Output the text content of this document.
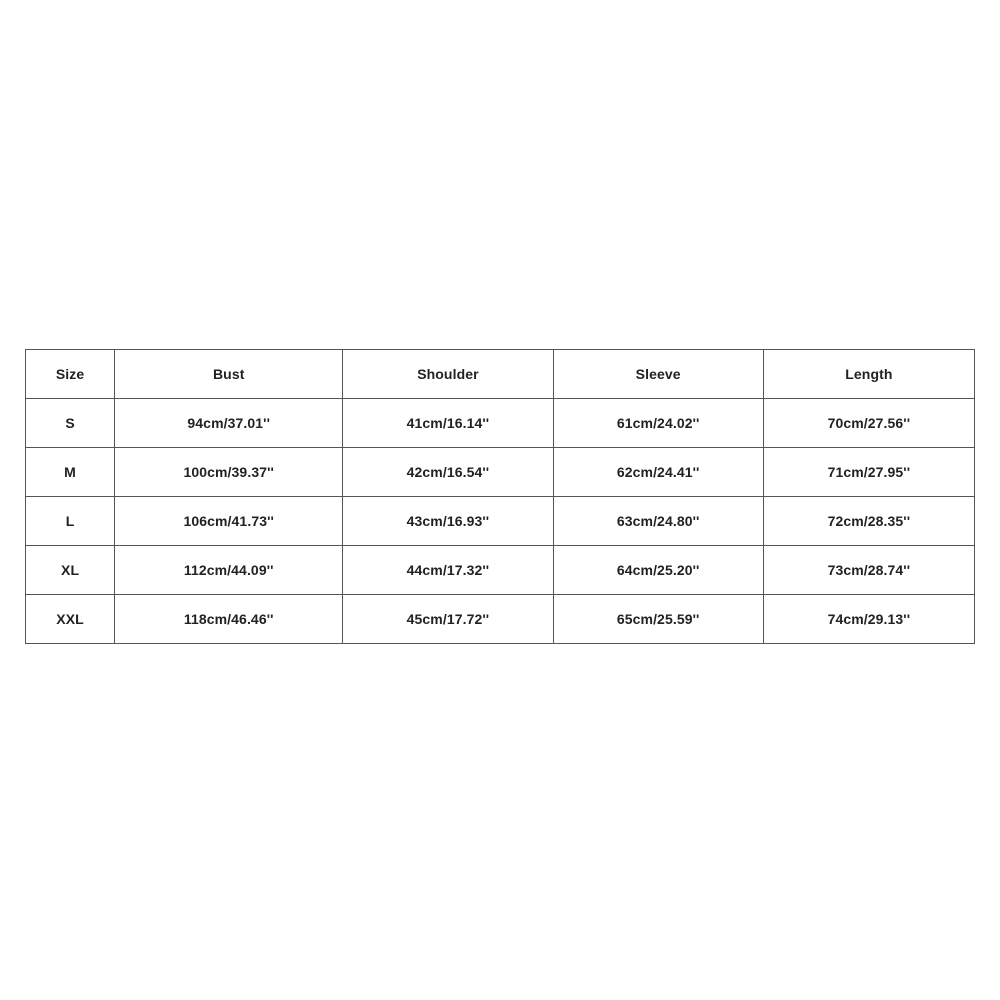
Size	Bust	Shoulder	Sleeve	Length
S	94cm/37.01''	41cm/16.14''	61cm/24.02''	70cm/27.56''
M	100cm/39.37''	42cm/16.54''	62cm/24.41''	71cm/27.95''
L	106cm/41.73''	43cm/16.93''	63cm/24.80''	72cm/28.35''
XL	112cm/44.09''	44cm/17.32''	64cm/25.20''	73cm/28.74''
XXL	118cm/46.46''	45cm/17.72''	65cm/25.59''	74cm/29.13''
